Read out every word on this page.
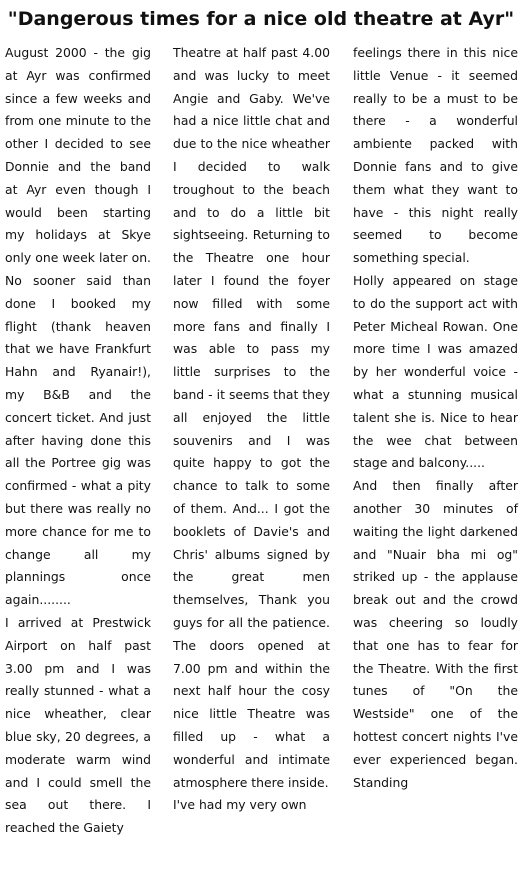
"Dangerous times for a nice old theatre at Ayr"

August 2000 - the gig at Ayr was confirmed since a few weeks and from one minute to the other I decided to see Donnie and the band at Ayr even though I would been starting my holidays at Skye only one week later on. No sooner said than done I booked my flight (thank heaven that we have Frankfurt Hahn and Ryanair!), my B&B and the concert ticket. And just after having done this all the Portree gig was confirmed - what a pity but there was really no more chance for me to change all my plannings once again........

I arrived at Prestwick Airport on half past 3.00 pm and I was really stunned - what a nice wheather, clear blue sky, 20 degrees, a moderate warm wind and I could smell the sea out there. I reached the Gaiety

Theatre at half past 4.00 and was lucky to meet Angie and Gaby. We've had a nice little chat and due to the nice wheather I decided to walk troughout to the beach and to do a little bit sightseeing. Returning to the Theatre one hour later I found the foyer now filled with some more fans and finally I was able to pass my little surprises to the band - it seems that they all enjoyed the little souvenirs and I was quite happy to got the chance to talk to some of them. And... I got the booklets of Davie's and Chris' albums signed by the great men themselves, Thank you guys for all the patience. The doors opened at 7.00 pm and within the next half hour the cosy nice little Theatre was filled up - what a wonderful and intimate atmosphere there inside.

I've had my very own

feelings there in this nice little Venue - it seemed really to be a must to be there - a wonderful ambiente packed with Donnie fans and to give them what they want to have - this night really seemed to become something special.

Holly appeared on stage to do the support act with Peter Micheal Rowan. One more time I was amazed by her wonderful voice - what a stunning musical talent she is. Nice to hear the wee chat between stage and balcony.....

And then finally after another 30 minutes of waiting the light darkened and "Nuair bha mi og" striked up - the applause break out and the crowd was cheering so loudly that one has to fear for the Theatre. With the first tunes of "On the Westside" one of the hottest concert nights I've ever experienced began. Standing
